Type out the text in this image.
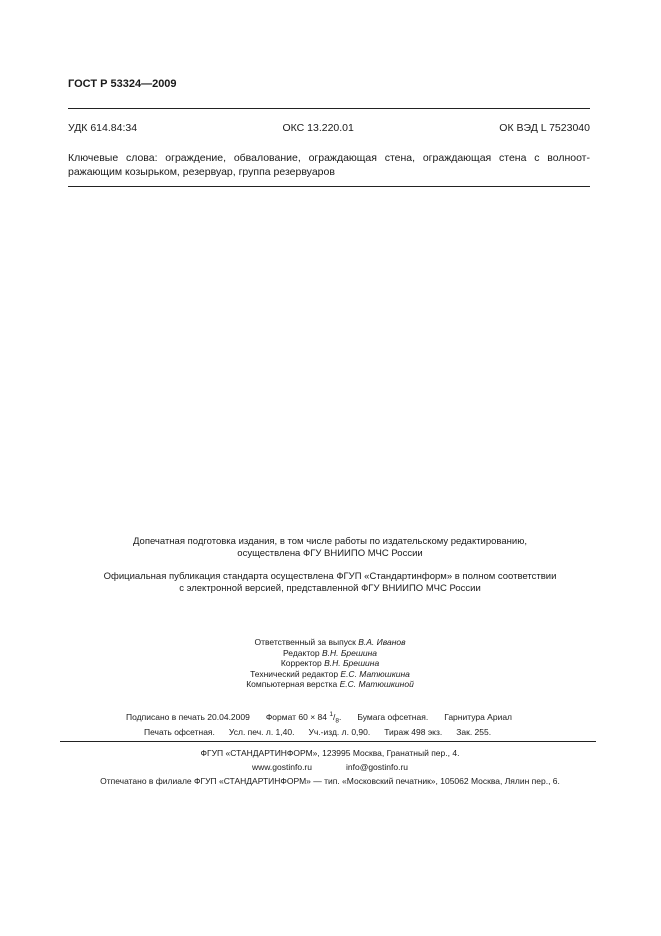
ГОСТ Р 53324—2009
УДК 614.84:34	ОКС 13.220.01	ОК ВЭД L 7523040
Ключевые слова: ограждение, обвалование, ограждающая стена, ограждающая стена с волноот-
ражающим козырьком, резервуар, группа резервуаров
Допечатная подготовка издания, в том числе работы по издательскому редактированию,
осуществлена ФГУ ВНИИПО МЧС России
Официальная публикация стандарта осуществлена ФГУП «Стандартинформ» в полном соответствии
с электронной версией, представленной ФГУ ВНИИПО МЧС России
Ответственный за выпуск В.А. Иванов
Редактор В.Н. Брешина
Корректор В.Н. Брешина
Технический редактор Е.С. Матюшкина
Компьютерная верстка Е.С. Матюшкиной
Подписано в печать 20.04.2009 Формат 60 × 84 $^1/_8$. Бумага офсетная. Гарнитура Ариал
Печать офсетная. Усл. печ. л. 1,40. Уч.-изд. л. 0,90. Тираж 498 экз. Зак. 255.
ФГУП «СТАНДАРТИНФОРМ», 123995 Москва, Гранатный пер., 4.
www.gostinfo.ru	info@gostinfo.ru
Отпечатано в филиале ФГУП «СТАНДАРТИНФОРМ» — тип. «Московский печатник», 105062 Москва, Лялин пер., 6.
